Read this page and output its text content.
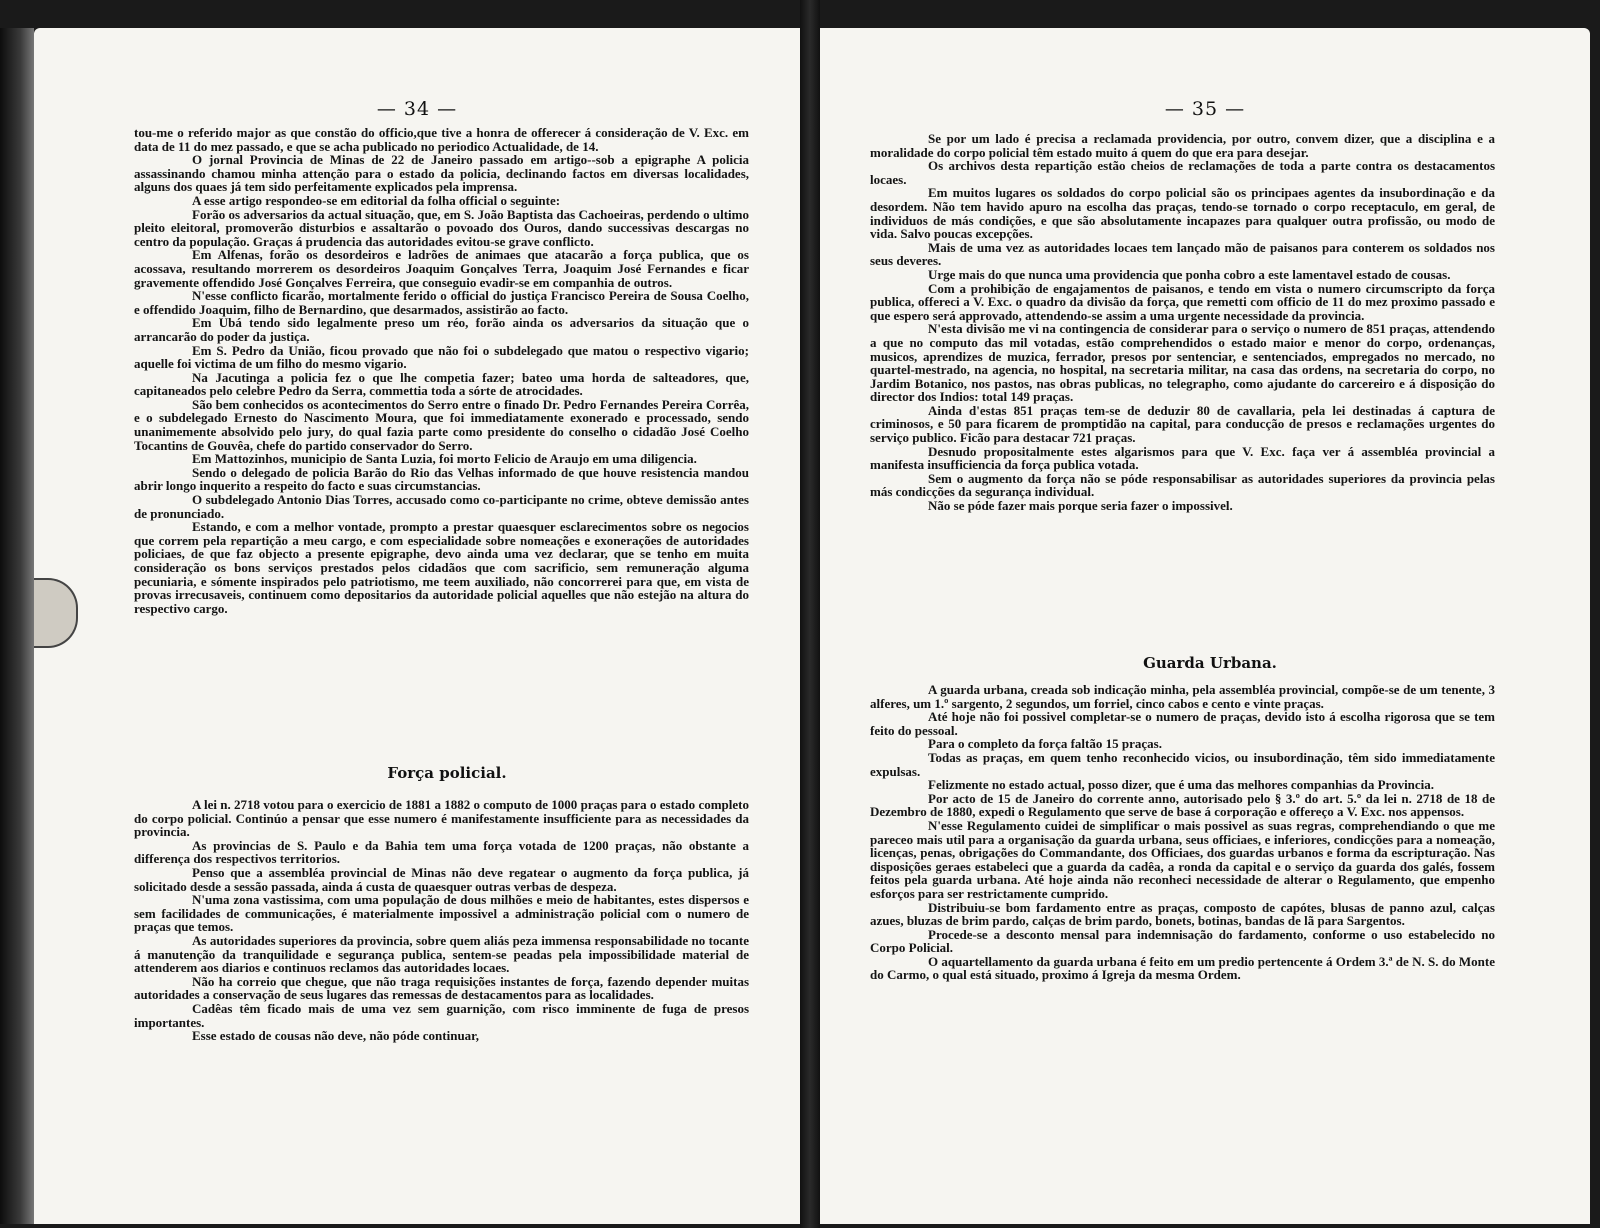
— 34 —

tou-me o referido major as que constão do officio,que tive a honra de offerecer á consideração de V. Exc. em data de 11 do mez passado, e que se acha publicado no periodico Actualidade, de 14.

O jornal Provincia de Minas de 22 de Janeiro passado em artigo--sob a epigraphe A policia assassinando chamou minha attenção para o estado da policia, declinando factos em diversas localidades, alguns dos quaes já tem sido perfeitamente explicados pela imprensa.

A esse artigo respondeo-se em editorial da folha official o seguinte:

Forão os adversarios da actual situação, que, em S. João Baptista das Cachoeiras, perdendo o ultimo pleito eleitoral, promoverão disturbios e assaltarão o povoado dos Ouros, dando successivas descargas no centro da população. Graças á prudencia das autoridades evitou-se grave conflicto.

Em Alfenas, forão os desordeiros e ladrões de animaes que atacarão a força publica, que os acossava, resultando morrerem os desordeiros Joaquim Gonçalves Terra, Joaquim José Fernandes e ficar gravemente offendido José Gonçalves Ferreira, que conseguio evadir-se em companhia de outros.

N'esse conflicto ficarão, mortalmente ferido o official do justiça Francisco Pereira de Sousa Coelho, e offendido Joaquim, filho de Bernardino, que desarmados, assistirão ao facto.

Em Ubá tendo sido legalmente preso um réo, forão ainda os adversarios da situação que o arrancarão do poder da justiça.

Em S. Pedro da União, ficou provado que não foi o subdelegado que matou o respectivo vigario; aquelle foi victima de um filho do mesmo vigario.

Na Jacutinga a policia fez o que lhe competia fazer; bateo uma horda de salteadores, que, capitaneados pelo celebre Pedro da Serra, commettia toda a sórte de atrocidades.

São bem conhecidos os acontecimentos do Serro entre o finado Dr. Pedro Fernandes Pereira Corrêa, e o subdelegado Ernesto do Nascimento Moura, que foi immediatamente exonerado e processado, sendo unanimemente absolvido pelo jury, do qual fazia parte como presidente do conselho o cidadão José Coelho Tocantins de Gouvêa, chefe do partido conservador do Serro.

Em Mattozinhos, municipio de Santa Luzia, foi morto Felicio de Araujo em uma diligencia.

Sendo o delegado de policia Barão do Rio das Velhas informado de que houve resistencia mandou abrir longo inquerito a respeito do facto e suas circumstancias.

O subdelegado Antonio Dias Torres, accusado como co-participante no crime, obteve demissão antes de pronunciado.

Estando, e com a melhor vontade, prompto a prestar quaesquer esclarecimentos sobre os negocios que correm pela repartição a meu cargo, e com especialidade sobre nomeações e exonerações de autoridades policiaes, de que faz objecto a presente epigraphe, devo ainda uma vez declarar, que se tenho em muita consideração os bons serviços prestados pelos cidadãos que com sacrificio, sem remuneração alguma pecuniaria, e sómente inspirados pelo patriotismo, me teem auxiliado, não concorrerei para que, em vista de provas irrecusaveis, continuem como depositarios da autoridade policial aquelles que não estejão na altura do respectivo cargo.

Força policial.

A lei n. 2718 votou para o exercicio de 1881 a 1882 o computo de 1000 praças para o estado completo do corpo policial. Continúo a pensar que esse numero é manifestamente insufficiente para as necessidades da provincia.

As provincias de S. Paulo e da Bahia tem uma força votada de 1200 praças, não obstante a differença dos respectivos territorios.

Penso que a assembléa provincial de Minas não deve regatear o augmento da força publica, já solicitado desde a sessão passada, ainda á custa de quaesquer outras verbas de despeza.

N'uma zona vastissima, com uma população de dous milhões e meio de habitantes, estes dispersos e sem facilidades de communicações, é materialmente impossivel a administração policial com o numero de praças que temos.

As autoridades superiores da provincia, sobre quem aliás peza immensa responsabilidade no tocante á manutenção da tranquilidade e segurança publica, sentem-se peadas pela impossibilidade material de attenderem aos diarios e continuos reclamos das autoridades locaes.

Não ha correio que chegue, que não traga requisições instantes de força, fazendo depender muitas autoridades a conservação de seus lugares das remessas de destacamentos para as localidades.

Cadêas têm ficado mais de uma vez sem guarnição, com risco imminente de fuga de presos importantes.

Esse estado de cousas não deve, não póde continuar,

— 35 —

Se por um lado é precisa a reclamada providencia, por outro, convem dizer, que a disciplina e a moralidade do corpo policial têm estado muito á quem do que era para desejar.

Os archivos desta repartição estão cheios de reclamações de toda a parte contra os destacamentos locaes.

Em muitos lugares os soldados do corpo policial são os principaes agentes da insubordinação e da desordem. Não tem havido apuro na escolha das praças, tendo-se tornado o corpo receptaculo, em geral, de individuos de más condições, e que são absolutamente incapazes para qualquer outra profissão, ou modo de vida. Salvo poucas excepções.

Mais de uma vez as autoridades locaes tem lançado mão de paisanos para conterem os soldados nos seus deveres.

Urge mais do que nunca uma providencia que ponha cobro a este lamentavel estado de cousas.

Com a prohibição de engajamentos de paisanos, e tendo em vista o numero circumscripto da força publica, offereci a V. Exc. o quadro da divisão da força, que remetti com officio de 11 do mez proximo passado e que espero será approvado, attendendo-se assim a uma urgente necessidade da provincia.

N'esta divisão me vi na contingencia de considerar para o serviço o numero de 851 praças, attendendo a que no computo das mil votadas, estão comprehendidos o estado maior e menor do corpo, ordenanças, musicos, aprendizes de muzica, ferrador, presos por sentenciar, e sentenciados, empregados no mercado, no quartel-mestrado, na agencia, no hospital, na secretaria militar, na casa das ordens, na secretaria do corpo, no Jardim Botanico, nos pastos, nas obras publicas, no telegrapho, como ajudante do carcereiro e á disposição do director dos Indios: total 149 praças.

Ainda d'estas 851 praças tem-se de deduzir 80 de cavallaria, pela lei destinadas á captura de criminosos, e 50 para ficarem de promptidão na capital, para conducção de presos e reclamações urgentes do serviço publico. Ficão para destacar 721 praças.

Desnudo propositalmente estes algarismos para que V. Exc. faça ver á assembléa provincial a manifesta insufficiencia da força publica votada.

Sem o augmento da força não se póde responsabilisar as autoridades superiores da provincia pelas más condicções da segurança individual.

Não se póde fazer mais porque seria fazer o impossivel.

Guarda Urbana.

A guarda urbana, creada sob indicação minha, pela assembléa provincial, compõe-se de um tenente, 3 alferes, um 1.º sargento, 2 segundos, um forriel, cinco cabos e cento e vinte praças.

Até hoje não foi possivel completar-se o numero de praças, devido isto á escolha rigorosa que se tem feito do pessoal.

Para o completo da força faltão 15 praças.

Todas as praças, em quem tenho reconhecido vicios, ou insubordinação, têm sido immediatamente expulsas.

Felizmente no estado actual, posso dizer, que é uma das melhores companhias da Provincia.

Por acto de 15 de Janeiro do corrente anno, autorisado pelo § 3.º do art. 5.º da lei n. 2718 de 18 de Dezembro de 1880, expedi o Regulamento que serve de base á corporação e offereço a V. Exc. nos appensos.

N'esse Regulamento cuidei de simplificar o mais possivel as suas regras, comprehendiando o que me pareceo mais util para a organisação da guarda urbana, seus officiaes, e inferiores, condicções para a nomeação, licenças, penas, obrigações do Commandante, dos Officiaes, dos guardas urbanos e forma da escripturação. Nas disposições geraes estabeleci que a guarda da cadêa, a ronda da capital e o serviço da guarda dos galés, fossem feitos pela guarda urbana. Até hoje ainda não reconheci necessidade de alterar o Regulamento, que empenho esforços para ser restrictamente cumprido.

Distribuiu-se bom fardamento entre as praças, composto de capótes, blusas de panno azul, calças azues, bluzas de brim pardo, calças de brim pardo, bonets, botinas, bandas de lã para Sargentos.

Procede-se a desconto mensal para indemnisação do fardamento, conforme o uso estabelecido no Corpo Policial.

O aquartellamento da guarda urbana é feito em um predio pertencente á Ordem 3.ª de N. S. do Monte do Carmo, o qual está situado, proximo á Igreja da mesma Ordem.
